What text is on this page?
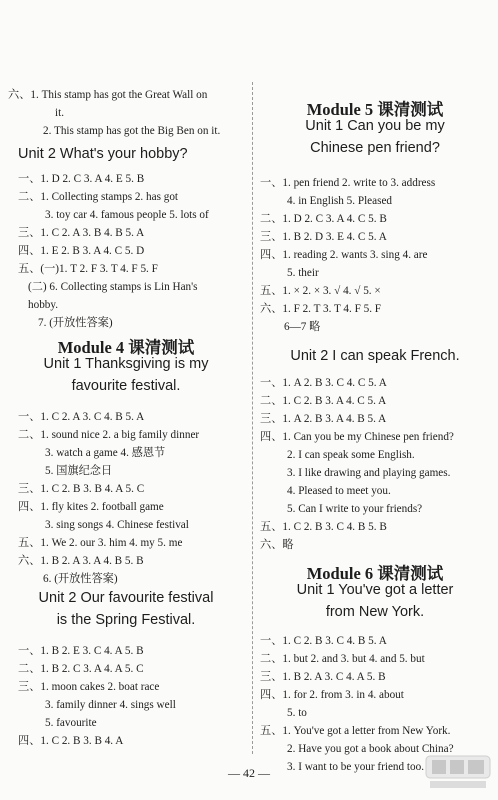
六、1. This stamp has got the Great Wall on
it.
2. This stamp has got the Big Ben on it.
Unit 2 What's your hobby?
一、1. D 2. C 3. A 4. E 5. B
二、1. Collecting stamps 2. has got
3. toy car 4. famous people 5. lots of
三、1. C 2. A 3. B 4. B 5. A
四、1. E 2. B 3. A 4. C 5. D
五、(一)1. T 2. F 3. T 4. F 5. F
(二) 6. Collecting stamps is Lin Han's
hobby.
7. (开放性答案)
Module 4 课清测试
Unit 1 Thanksgiving is my
favourite festival.
一、1. C 2. A 3. C 4. B 5. A
二、1. sound nice 2. a big family dinner
3. watch a game 4. 感恩节
5. 国旗纪念日
三、1. C 2. B 3. B 4. A 5. C
四、1. fly kites 2. football game
3. sing songs 4. Chinese festival
五、1. We 2. our 3. him 4. my 5. me
六、1. B 2. A 3. A 4. B 5. B
6. (开放性答案)
Unit 2 Our favourite festival
is the Spring Festival.
一、1. B 2. E 3. C 4. A 5. B
二、1. B 2. C 3. A 4. A 5. C
三、1. moon cakes 2. boat race
3. family dinner 4. sings well
5. favourite
四、1. C 2. B 3. B 4. A
Module 5 课清测试
Unit 1 Can you be my
Chinese pen friend?
一、1. pen friend 2. write to 3. address
4. in English 5. Pleased
二、1. D 2. C 3. A 4. C 5. B
三、1. B 2. D 3. E 4. C 5. A
四、1. reading 2. wants 3. sing 4. are
5. their
五、1. × 2. × 3. √ 4. √ 5. ×
六、1. F 2. T 3. T 4. F 5. F
6—7 略
Unit 2 I can speak French.
一、1. A 2. B 3. C 4. C 5. A
二、1. C 2. B 3. A 4. C 5. A
三、1. A 2. B 3. A 4. B 5. A
四、1. Can you be my Chinese pen friend?
2. I can speak some English.
3. I like drawing and playing games.
4. Pleased to meet you.
5. Can I write to your friends?
五、1. C 2. B 3. C 4. B 5. B
六、略
Module 6 课清测试
Unit 1 You've got a letter
from New York.
一、1. C 2. B 3. C 4. B 5. A
二、1. but 2. and 3. but 4. and 5. but
三、1. B 2. A 3. C 4. A 5. B
四、1. for 2. from 3. in 4. about
5. to
五、1. You've got a letter from New York.
2. Have you got a book about China?
3. I want to be your friend too.
— 42 —
